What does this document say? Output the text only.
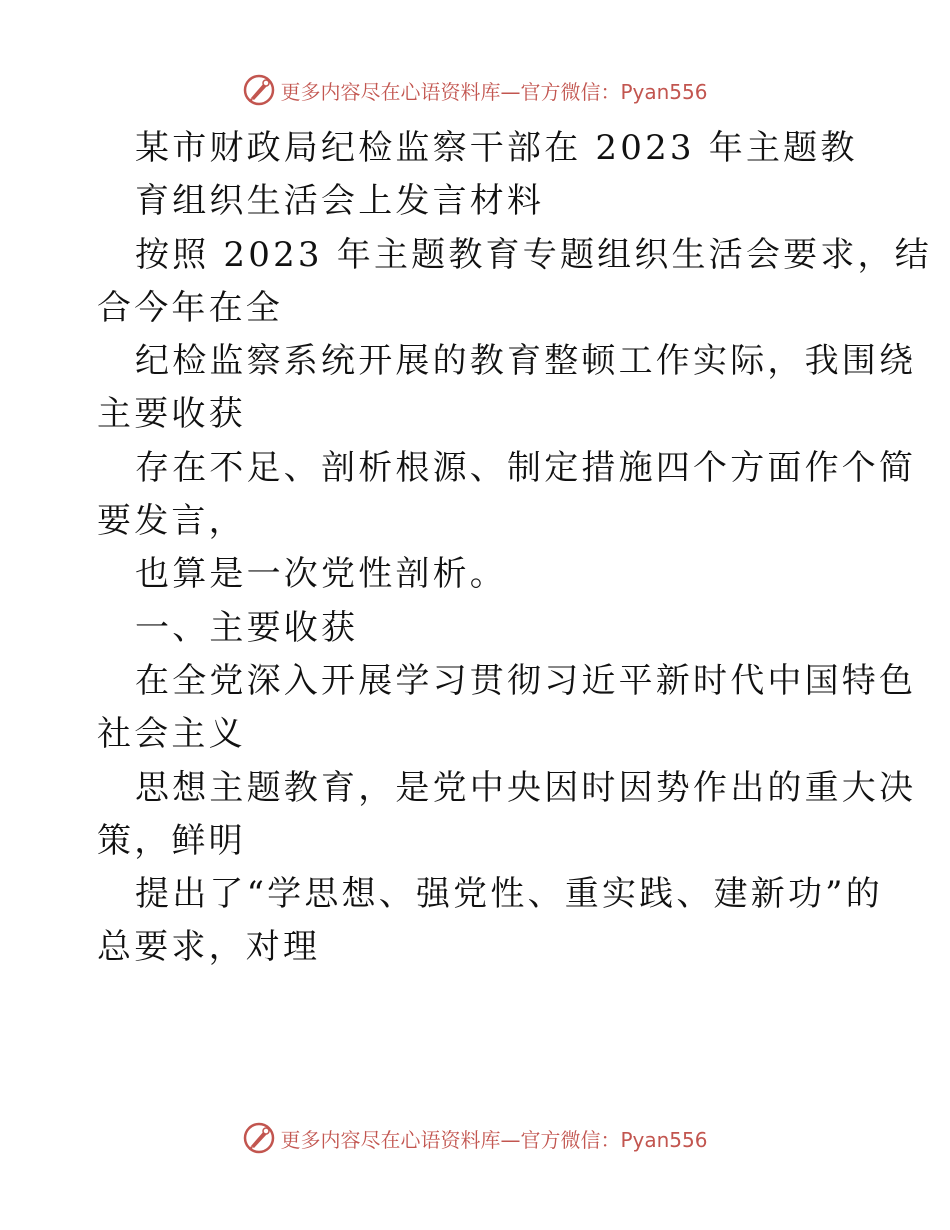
更多内容尽在心语资料库—官方微信：Pyan556
某市财政局纪检监察干部在 2023 年主题教
育组织生活会上发言材料
按照 2023 年主题教育专题组织生活会要求，结
合今年在全
纪检监察系统开展的教育整顿工作实际，我围绕
主要收获
存在不足、剖析根源、制定措施四个方面作个简
要发言，
也算是一次党性剖析。
一、主要收获
在全党深入开展学习贯彻习近平新时代中国特色
社会主义
思想主题教育，是党中央因时因势作出的重大决
策，鲜明
提出了“学思想、强党性、重实践、建新功”的
总要求，对理
更多内容尽在心语资料库—官方微信：Pyan556
